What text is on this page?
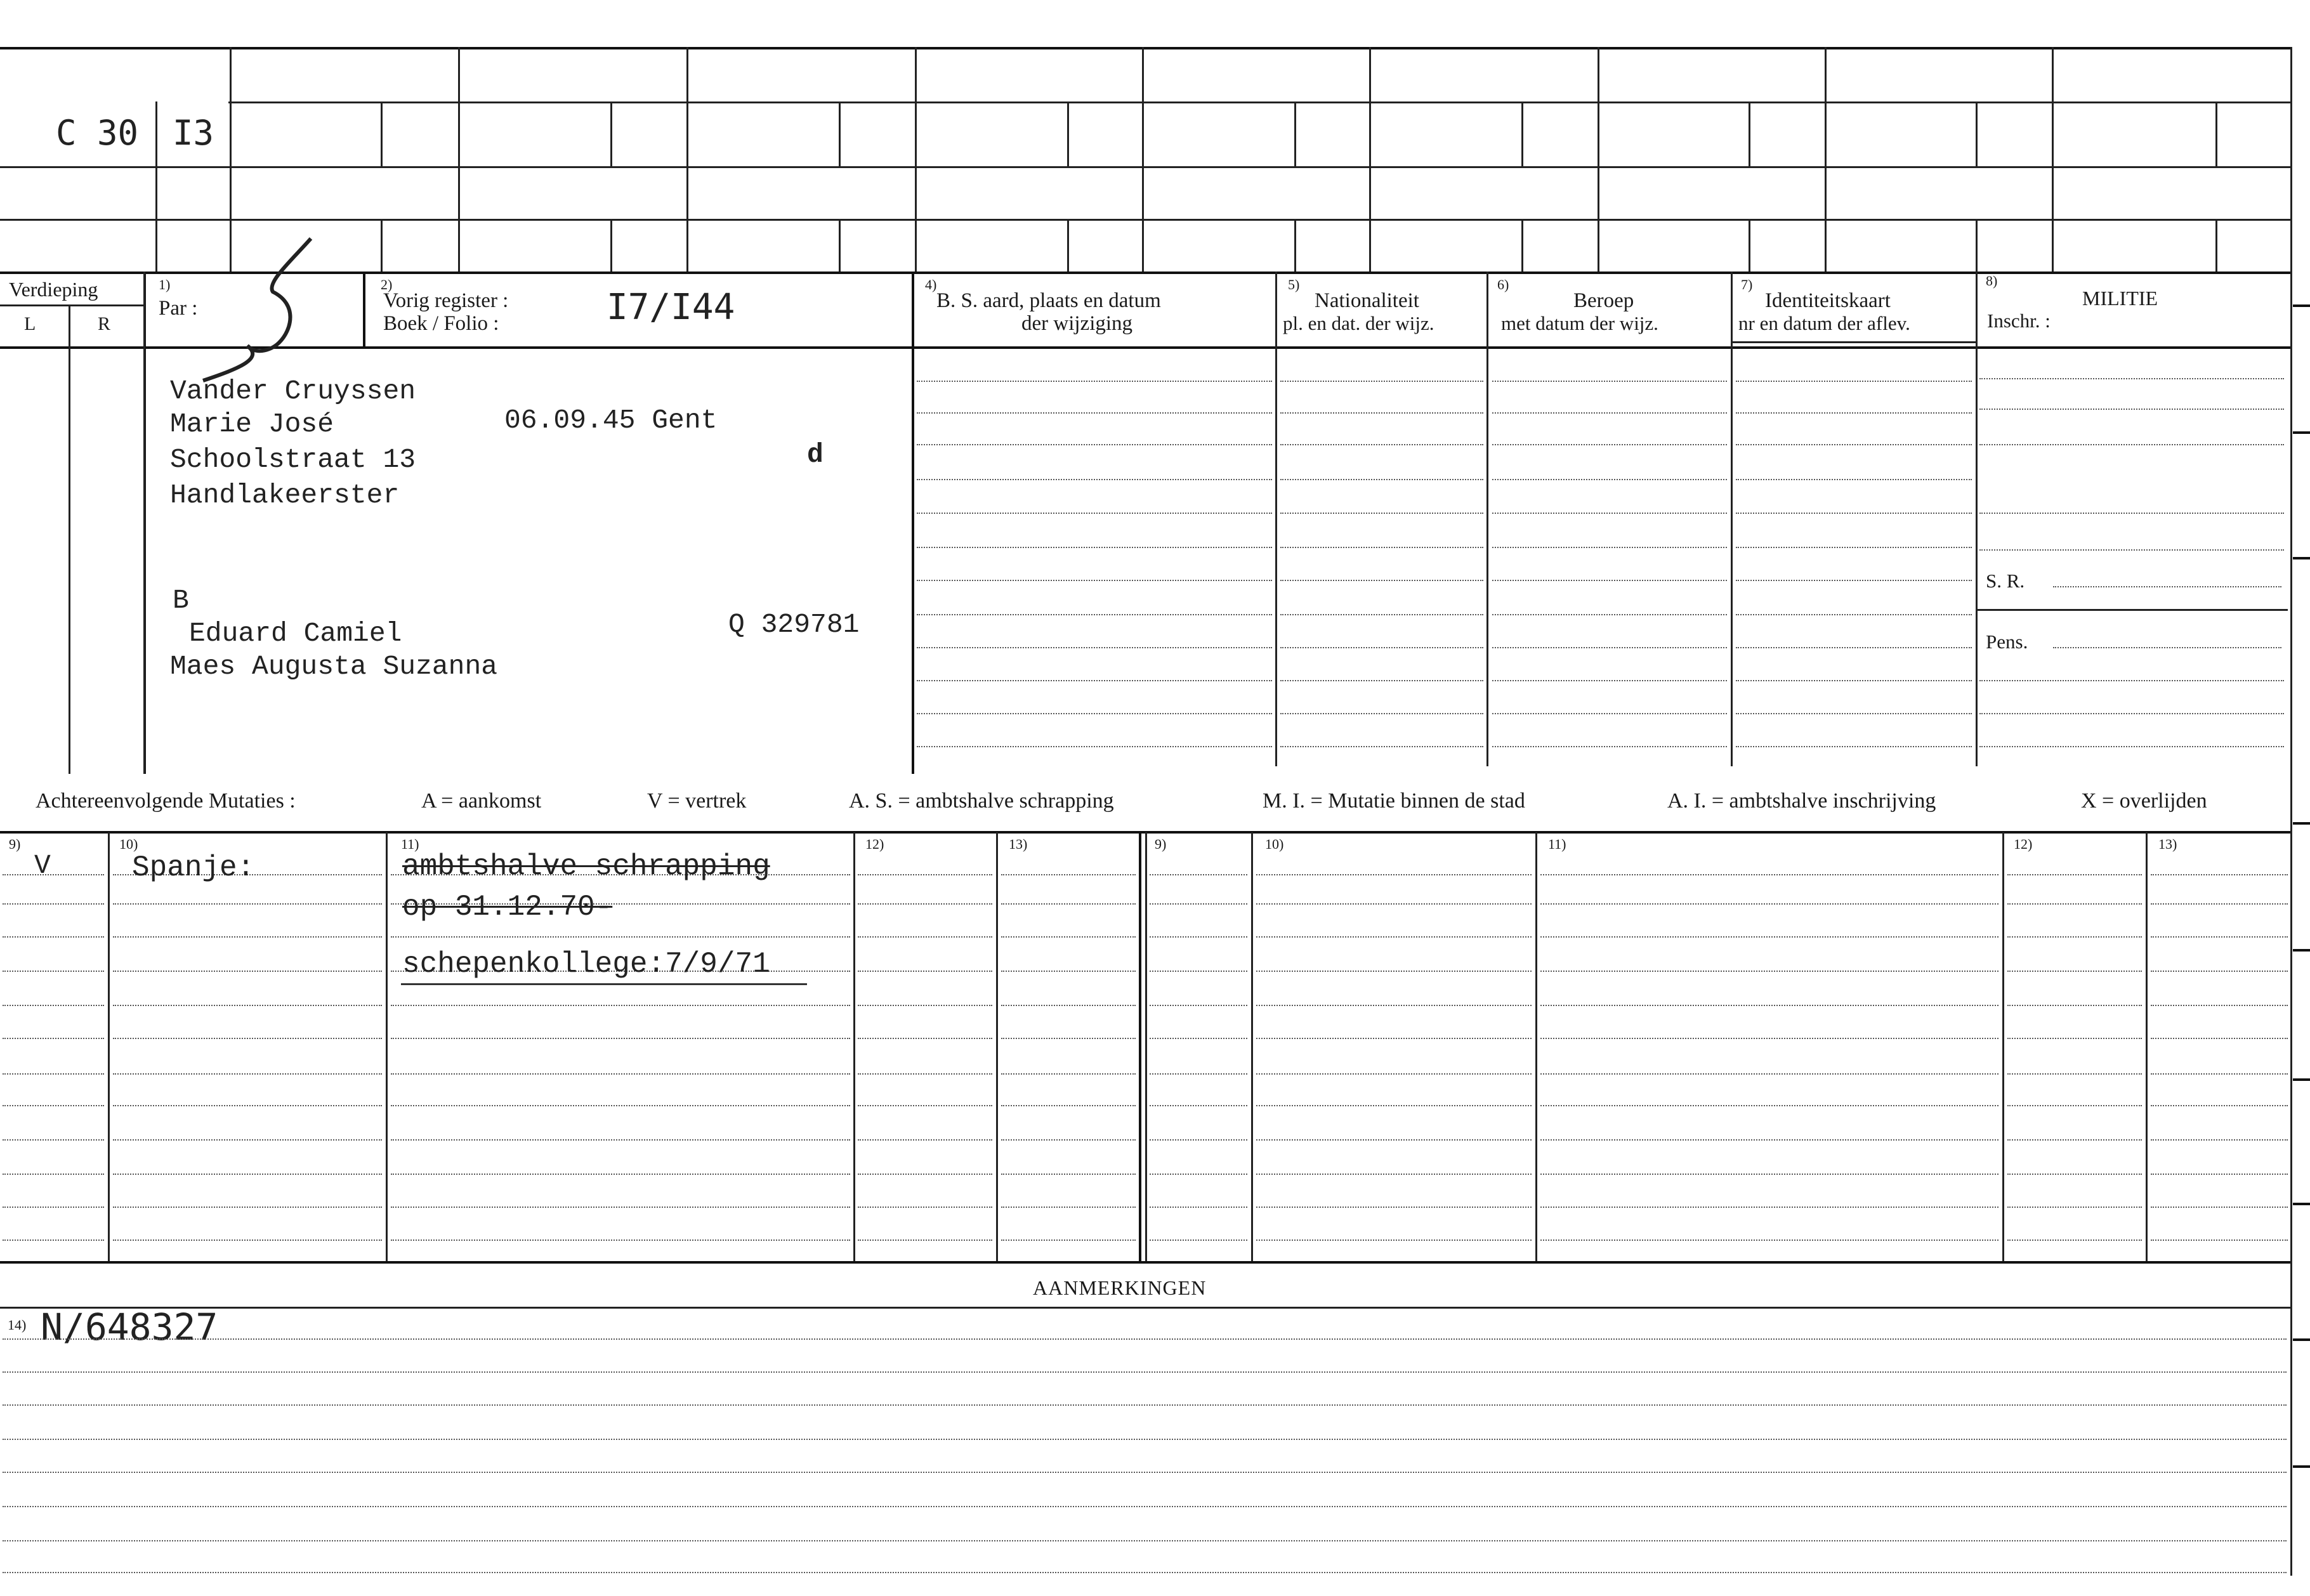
C 30 I3
Verdieping
L	R
1)
Par :
2)
Vorig register :
Boek / Folio :	I7/I44
4)
B. S. aard, plaats en datum
der wijziging
5)
Nationaliteit
pl. en dat. der wijz.
6)
Beroep
met datum der wijz.
7)
Identiteitskaart
nr en datum der aflev.
8)
MILITIE
Inschr. :
Vander Cruyssen
Marie José	06.09.45 Gent
Schoolstraat 13	d
Handlakeerster
B
Eduard Camiel	Q 329781
Maes Augusta Suzanna
S. R.
Pens.
Achtereenvolgende Mutaties :	A = aankomst	V = vertrek	A. S. = ambtshalve schrapping	M. I. = Mutatie binnen de stad	A. I. = ambtshalve inschrijving	X = overlijden
9)	10)	11)	12)	13)	9)	10)	11)	12)	13)
V	Spanje:	ambtshalve schrapping
op 31.12.70-
schepenkollege:7/9/71
AANMERKINGEN
14) N/648327
